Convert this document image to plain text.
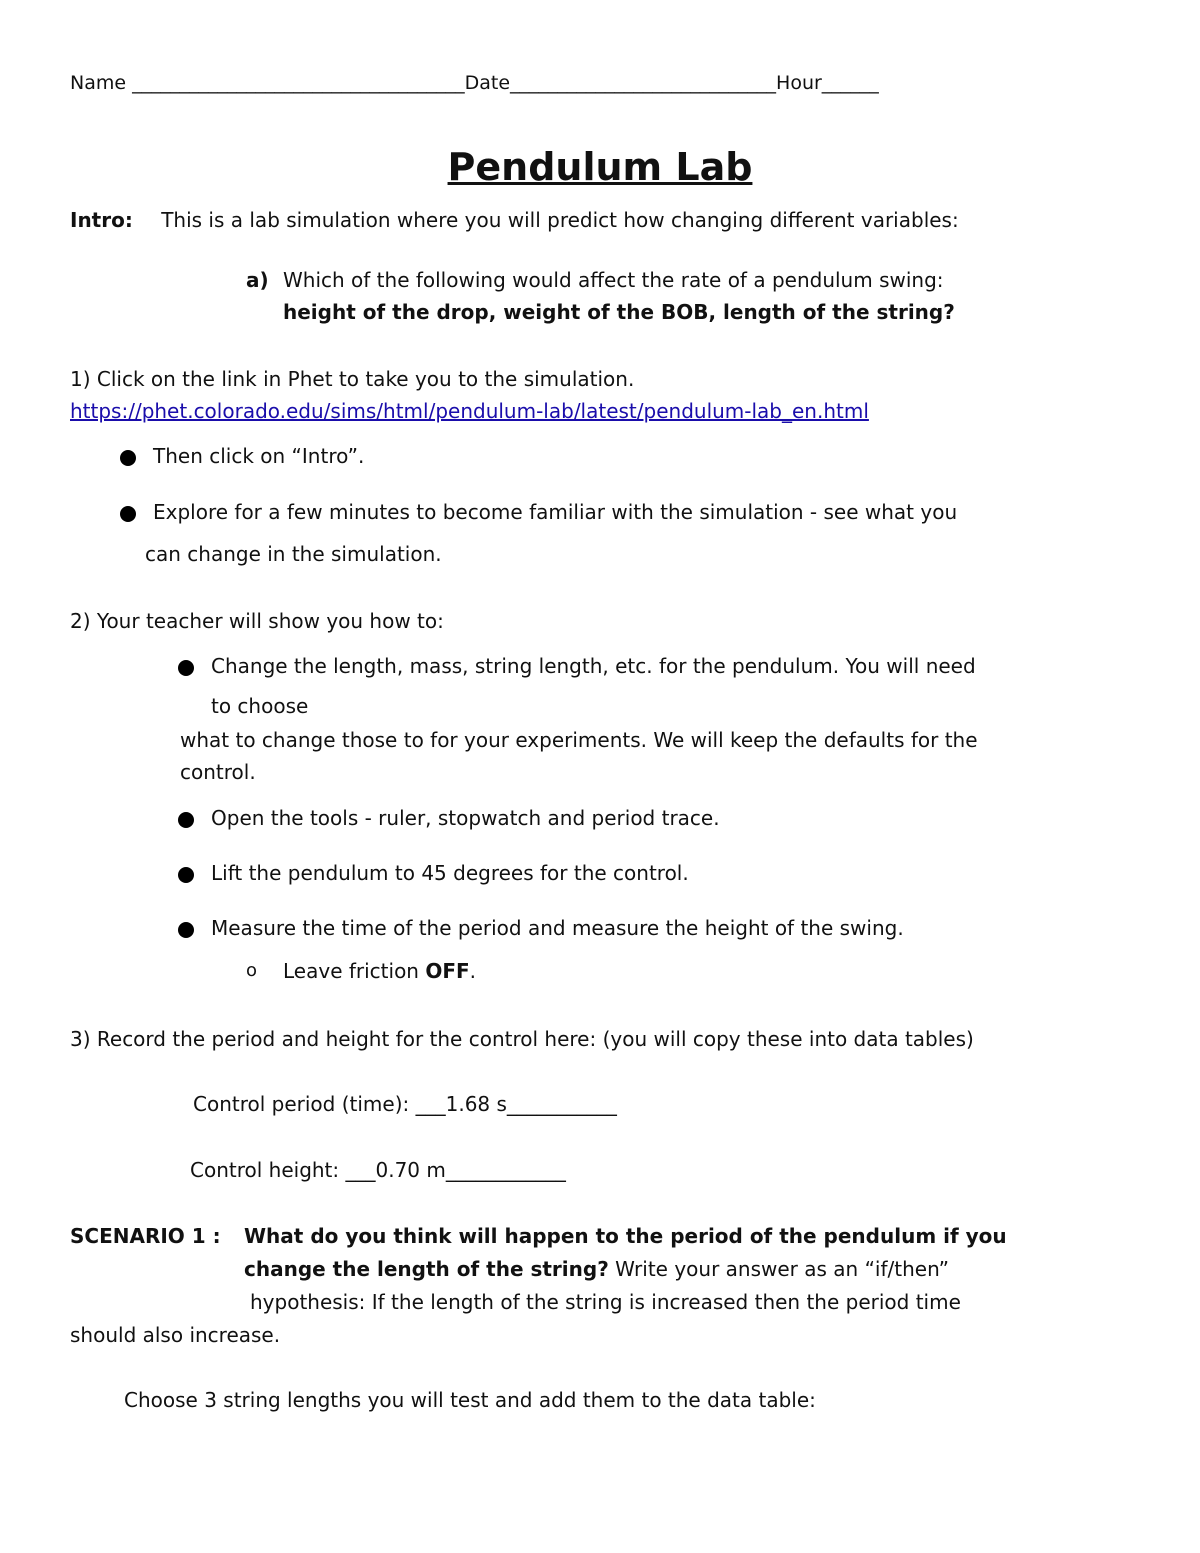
Name ___________________________________Date____________________________Hour______
Pendulum Lab
Intro: This is a lab simulation where you will predict how changing different variables:
a) Which of the following would affect the rate of a pendulum swing:
height of the drop, weight of the BOB, length of the string?
1) Click on the link in Phet to take you to the simulation.
https://phet.colorado.edu/sims/html/pendulum-lab/latest/pendulum-lab_en.html
Then click on “Intro”.
Explore for a few minutes to become familiar with the simulation - see what you
can change in the simulation.
2) Your teacher will show you how to:
Change the length, mass, string length, etc. for the pendulum. You will need
to choose
what to change those to for your experiments. We will keep the defaults for the
control.
Open the tools - ruler, stopwatch and period trace.
Lift the pendulum to 45 degrees for the control.
Measure the time of the period and measure the height of the swing.
o Leave friction OFF.
3) Record the period and height for the control here: (you will copy these into data tables)
Control period (time): ___1.68 s___________
Control height: ___0.70 m____________
SCENARIO 1 : What do you think will happen to the period of the pendulum if you
change the length of the string? Write your answer as an “if/then”
hypothesis: If the length of the string is increased then the period time
should also increase.
Choose 3 string lengths you will test and add them to the data table:
